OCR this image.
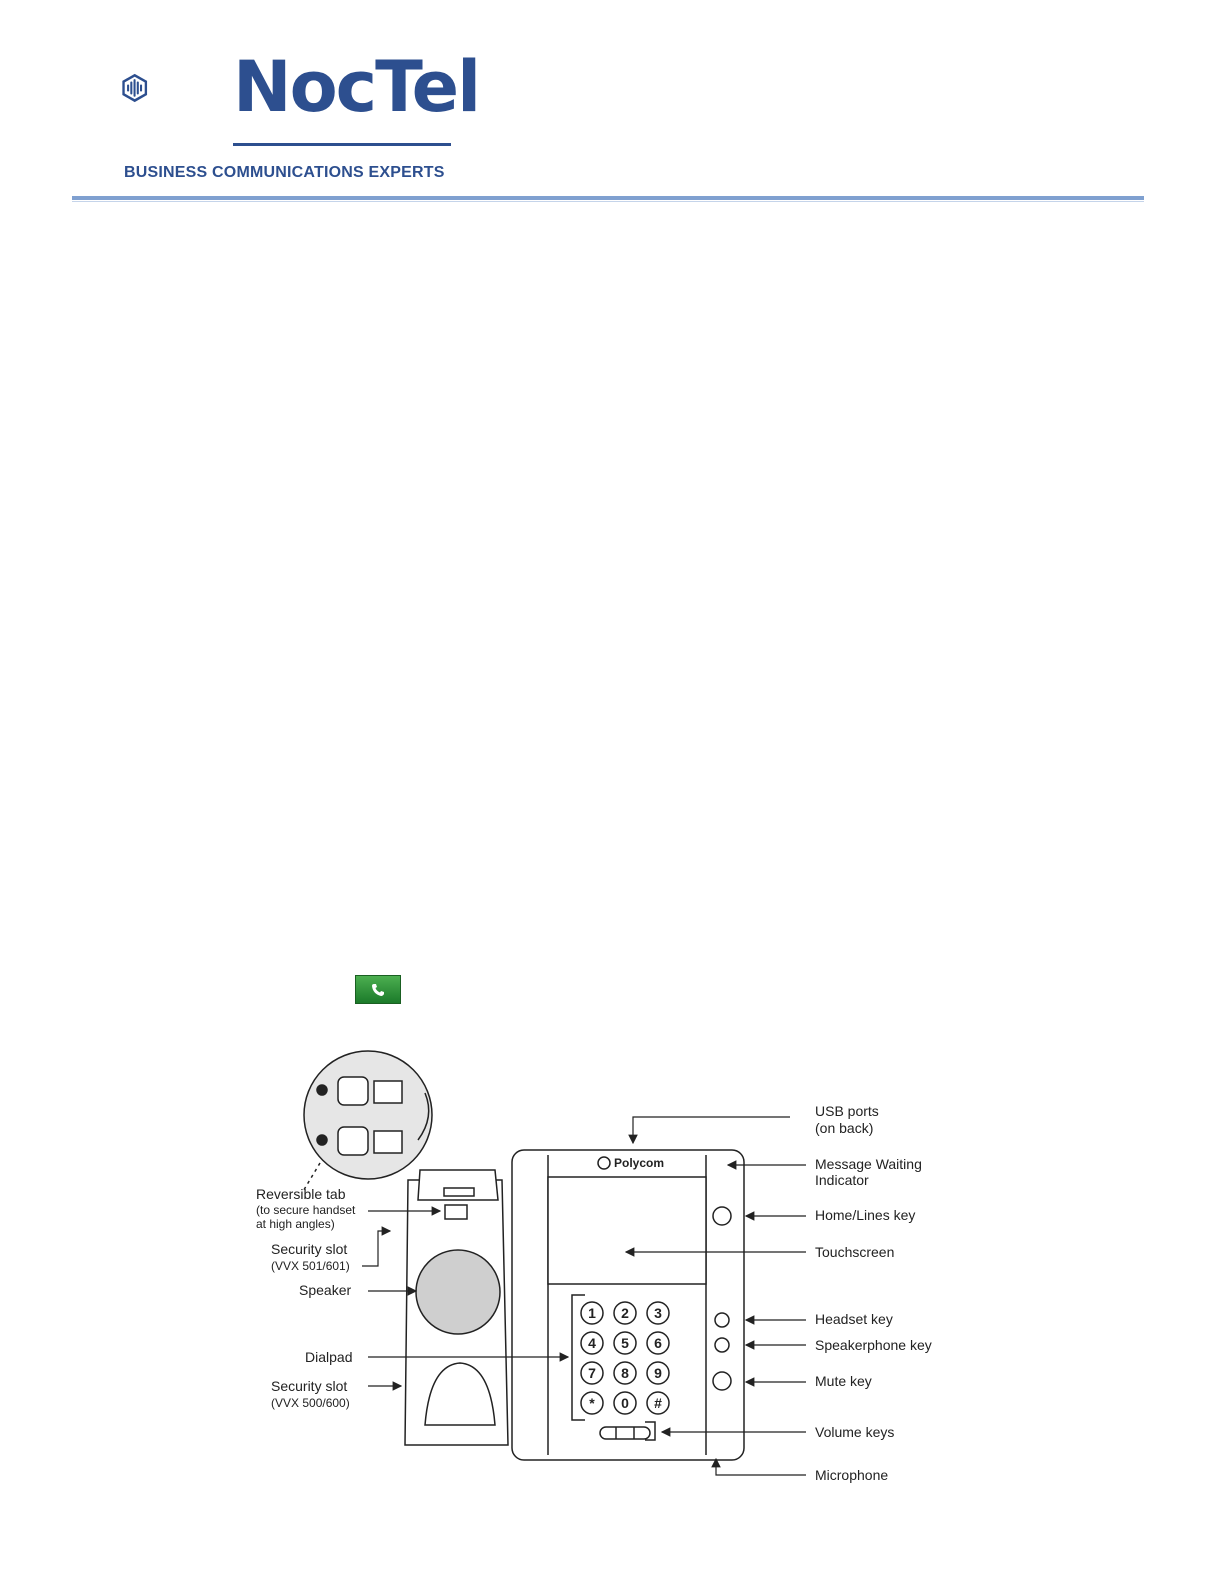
NocTel
BUSINESS COMMUNICATIONS EXPERTS
Polycom
1 2 3
4 5 6
7 8 9
* 0 #
Reversible tab
(to secure handset
at high angles)
Security slot
(VVX 501/601)
Speaker
Dialpad
Security slot
(VVX 500/600)
USB ports
(on back)
Message Waiting
Indicator
Home/Lines key
Touchscreen
Headset key
Speakerphone key
Mute key
Volume keys
Microphone
